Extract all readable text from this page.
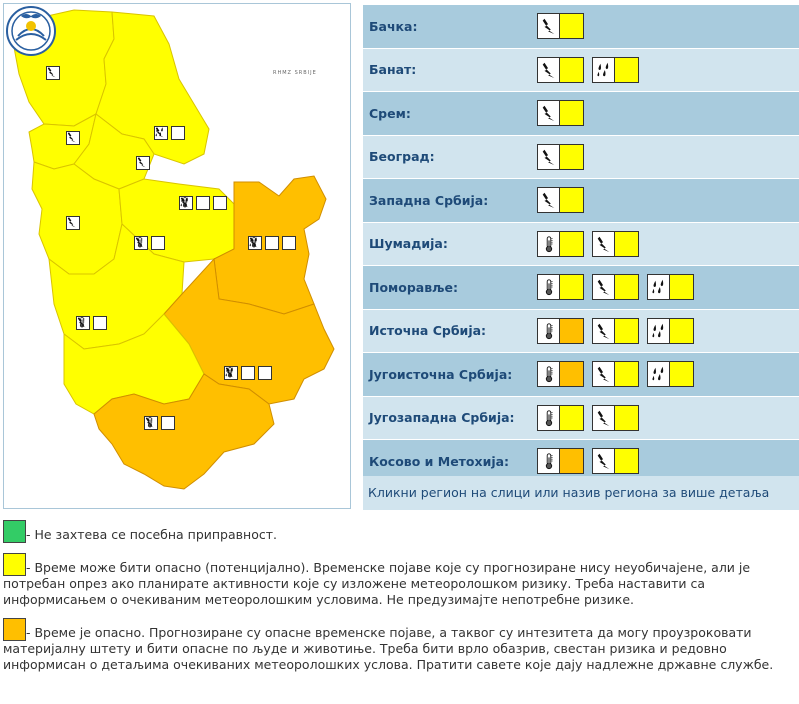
RHMZ SRBIJE
Бачка:
Банат:
Срем:
Београд:
Западна Србија:
Шумадија:
Поморавље:
Источна Србија:
Југоисточна Србија:
Југозападна Србија:
Косово и Метохија:
Кликни регион на слици или назив региона за више детаља
- Не захтева се посебна приправност.
- Време може бити опасно (потенцијално). Временске појаве које су прогнозиране нису неуобичајене, али је потребан опрез ако планирате активности које су изложене метеоролошком ризику. Треба наставити са информисањем о очекиваним метеоролошким условима. Не предузимајте непотребне ризике.
- Време је опасно. Прогнозиране су опасне временске појаве, а таквог су интезитета да могу проузроковати материјалну штету и бити опасне по људе и животиње. Треба бити врло обазрив, свестан ризика и редовно информисан о детаљима очекиваних метеоролошких услова. Пратити савете које дају надлежне државне службе.
